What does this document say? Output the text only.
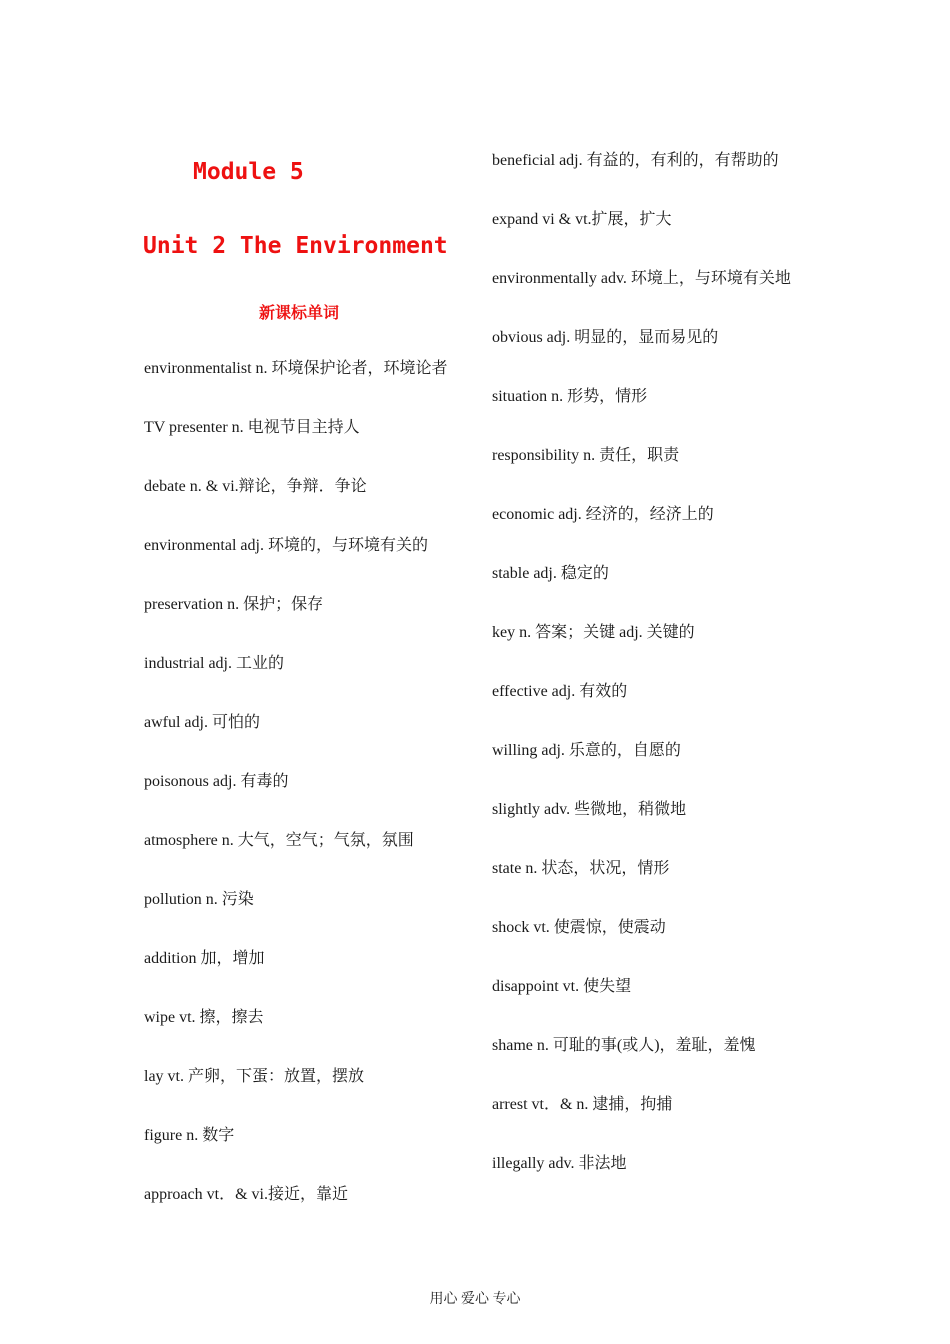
Module 5
Unit 2 The Environment
新课标单词
environmentalist n. 环境保护论者，环境论者
TV presenter n. 电视节目主持人
debate n. & vi.辩论，争辩．争论
environmental adj. 环境的，与环境有关的
preservation n. 保护；保存
industrial adj. 工业的
awful adj. 可怕的
poisonous adj. 有毒的
atmosphere n. 大气，空气；气氛，氛围
pollution n. 污染
addition 加，增加
wipe vt. 擦，擦去
lay vt. 产卵，下蛋：放置，摆放
figure n. 数字
approach vt．& vi.接近，靠近
beneficial adj. 有益的，有利的，有帮助的
expand vi & vt.扩展，扩大
environmentally adv. 环境上，与环境有关地
obvious adj. 明显的，显而易见的
situation n. 形势，情形
responsibility n. 责任，职责
economic adj. 经济的，经济上的
stable adj. 稳定的
key n. 答案；关键 adj. 关键的
effective adj. 有效的
willing adj. 乐意的，自愿的
slightly adv. 些微地，稍微地
state n. 状态，状况，情形
shock vt. 使震惊，使震动
disappoint vt. 使失望
shame n. 可耻的事(或人)，羞耻，羞愧
arrest vt．& n. 逮捕，拘捕
illegally adv. 非法地

用心 爱心 专心
